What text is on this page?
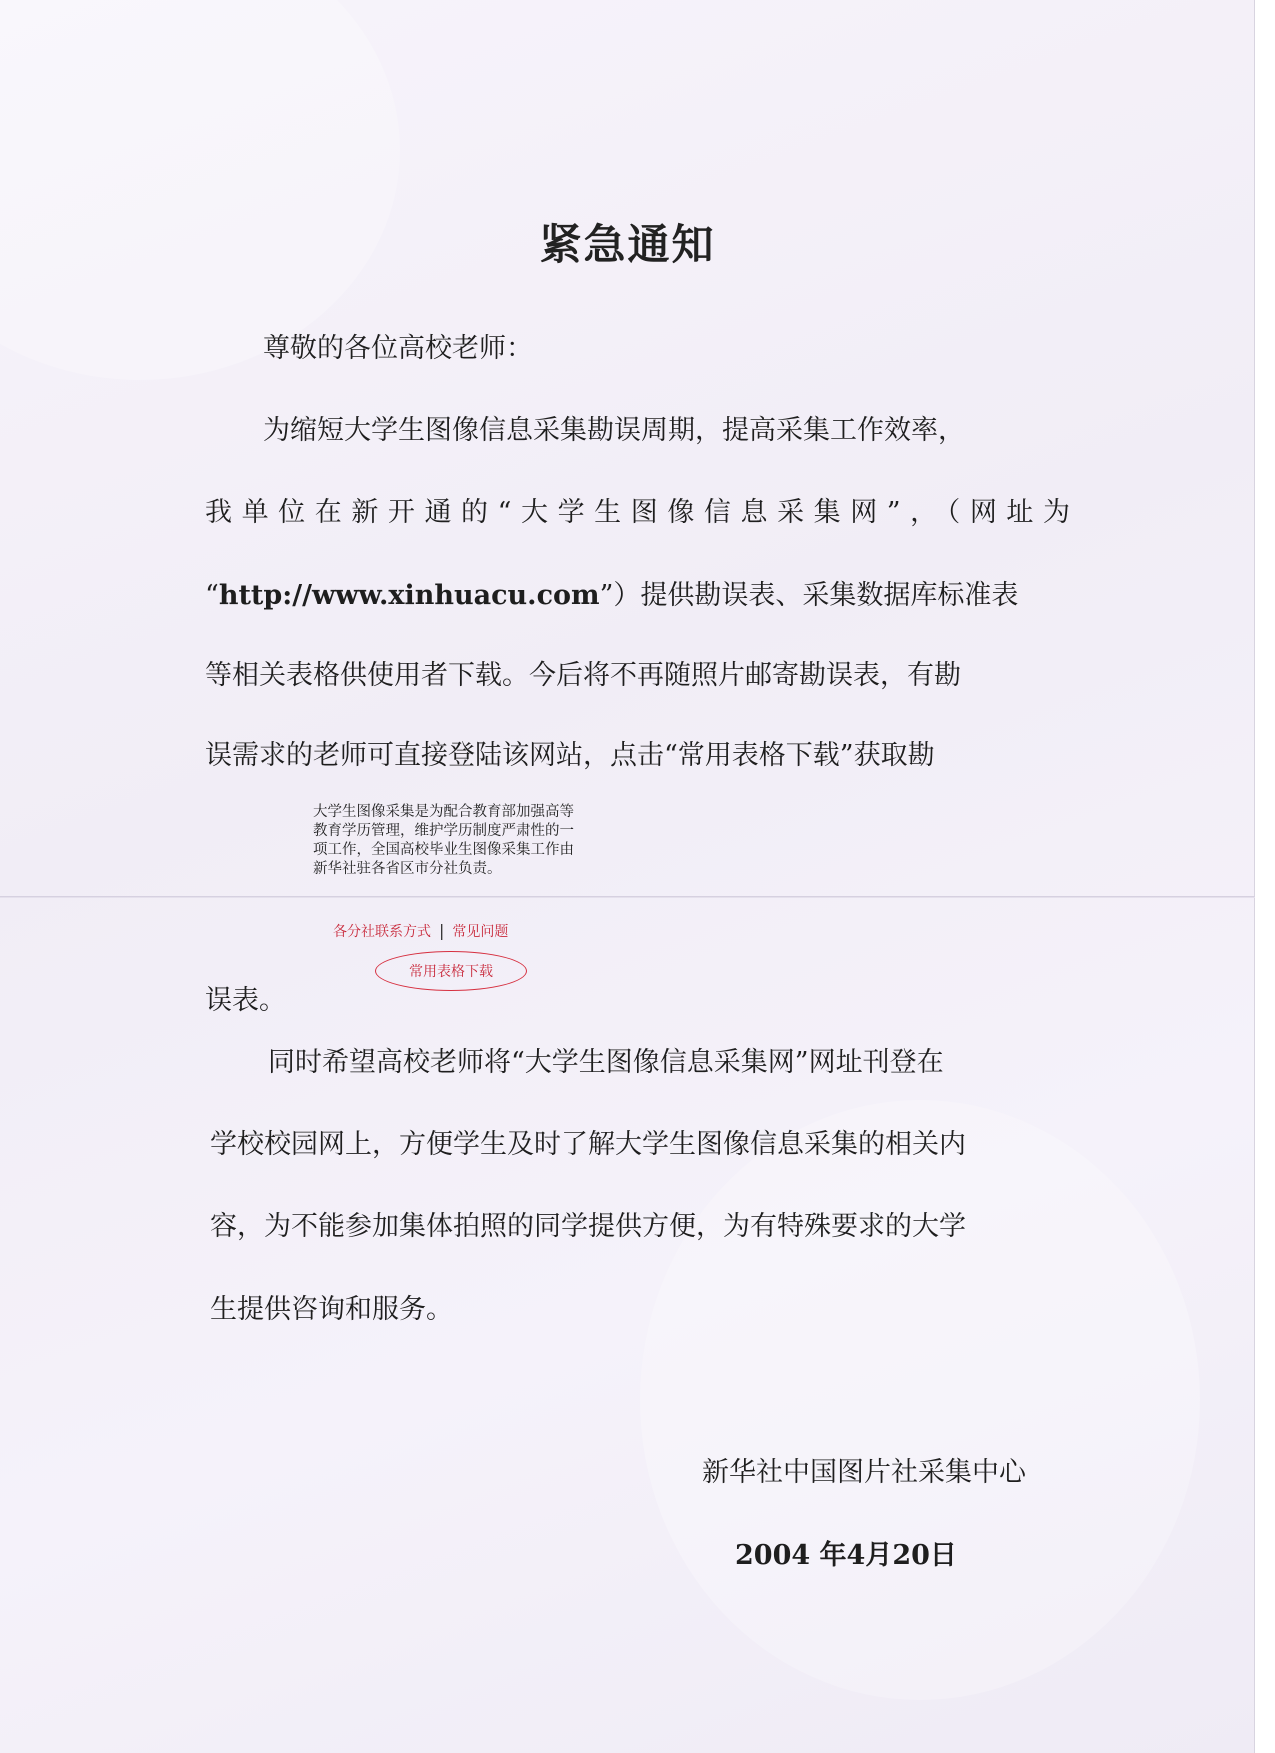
紧急通知
尊敬的各位高校老师：
为缩短大学生图像信息采集勘误周期，提高采集工作效率，
我单位在新开通的“大学生图像信息采集网”，（网址为
“http://www.xinhuacu.com”）提供勘误表、采集数据库标准表
等相关表格供使用者下载。今后将不再随照片邮寄勘误表，有勘
误需求的老师可直接登陆该网站，点击“常用表格下载”获取勘
大学生图像采集是为配合教育部加强高等教育学历管理，维护学历制度严肃性的一项工作，全国高校毕业生图像采集工作由新华社驻各省区市分社负责。
各分社联系方式 | 常见问题
常用表格下载
误表。
同时希望高校老师将“大学生图像信息采集网”网址刊登在
学校校园网上，方便学生及时了解大学生图像信息采集的相关内
容，为不能参加集体拍照的同学提供方便，为有特殊要求的大学
生提供咨询和服务。
新华社中国图片社采集中心
2004 年4月20日
